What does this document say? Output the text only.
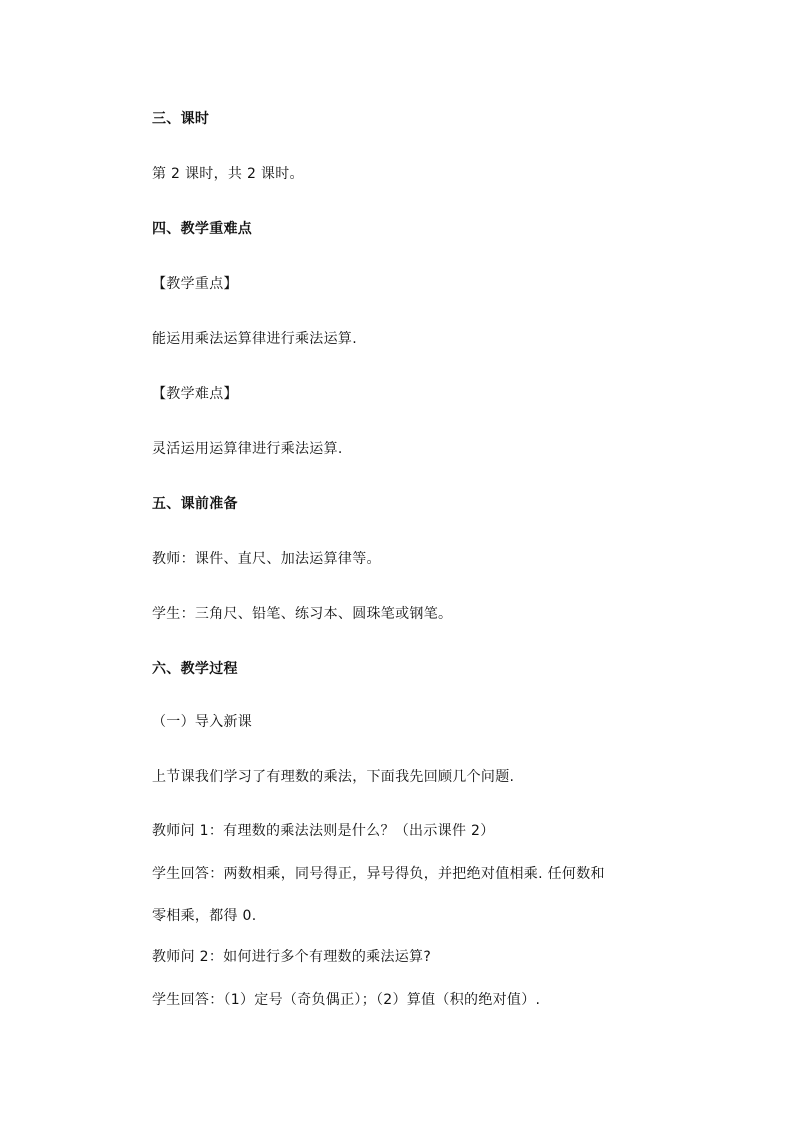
三、课时
第 2 课时，共 2 课时。
四、教学重难点
【教学重点】
能运用乘法运算律进行乘法运算.
【教学难点】
灵活运用运算律进行乘法运算.
五、课前准备
教师：课件、直尺、加法运算律等。
学生：三角尺、铅笔、练习本、圆珠笔或钢笔。
六、教学过程
（一）导入新课
上节课我们学习了有理数的乘法，下面我先回顾几个问题.
教师问 1：有理数的乘法法则是什么？（出示课件 2）
学生回答：两数相乘，同号得正，异号得负，并把绝对值相乘. 任何数和
零相乘，都得 0.
教师问 2：如何进行多个有理数的乘法运算?
学生回答：（1）定号（奇负偶正）；（2）算值（积的绝对值）.
